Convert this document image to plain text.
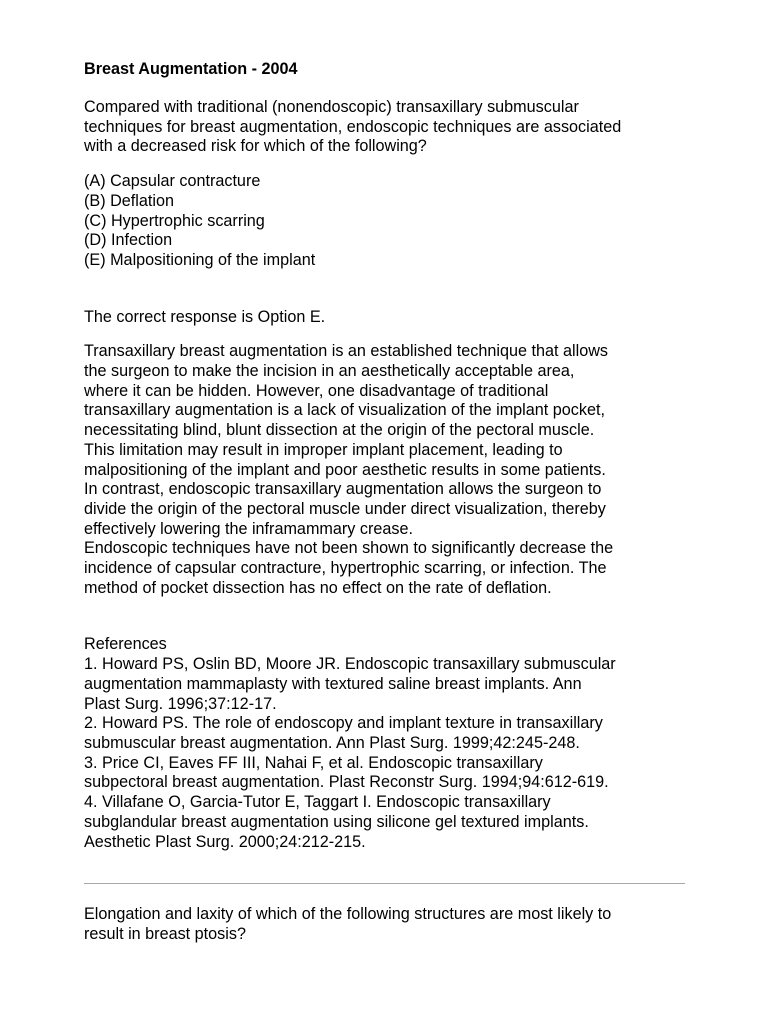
Breast Augmentation - 2004
Compared with traditional (nonendoscopic) transaxillary submuscular
techniques for breast augmentation, endoscopic techniques are associated
with a decreased risk for which of the following?
(A) Capsular contracture
(B) Deflation
(C) Hypertrophic scarring
(D) Infection
(E) Malpositioning of the implant
The correct response is Option E.
Transaxillary breast augmentation is an established technique that allows
the surgeon to make the incision in an aesthetically acceptable area,
where it can be hidden. However, one disadvantage of traditional
transaxillary augmentation is a lack of visualization of the implant pocket,
necessitating blind, blunt dissection at the origin of the pectoral muscle.
This limitation may result in improper implant placement, leading to
malpositioning of the implant and poor aesthetic results in some patients.
In contrast, endoscopic transaxillary augmentation allows the surgeon to
divide the origin of the pectoral muscle under direct visualization, thereby
effectively lowering the inframammary crease.
Endoscopic techniques have not been shown to significantly decrease the
incidence of capsular contracture, hypertrophic scarring, or infection. The
method of pocket dissection has no effect on the rate of deflation.
References
1. Howard PS, Oslin BD, Moore JR. Endoscopic transaxillary submuscular
augmentation mammaplasty with textured saline breast implants. Ann
Plast Surg. 1996;37:12-17.
2. Howard PS. The role of endoscopy and implant texture in transaxillary
submuscular breast augmentation. Ann Plast Surg. 1999;42:245-248.
3. Price CI, Eaves FF III, Nahai F, et al. Endoscopic transaxillary
subpectoral breast augmentation. Plast Reconstr Surg. 1994;94:612-619.
4. Villafane O, Garcia-Tutor E, Taggart I. Endoscopic transaxillary
subglandular breast augmentation using silicone gel textured implants.
Aesthetic Plast Surg. 2000;24:212-215.
Elongation and laxity of which of the following structures are most likely to
result in breast ptosis?
